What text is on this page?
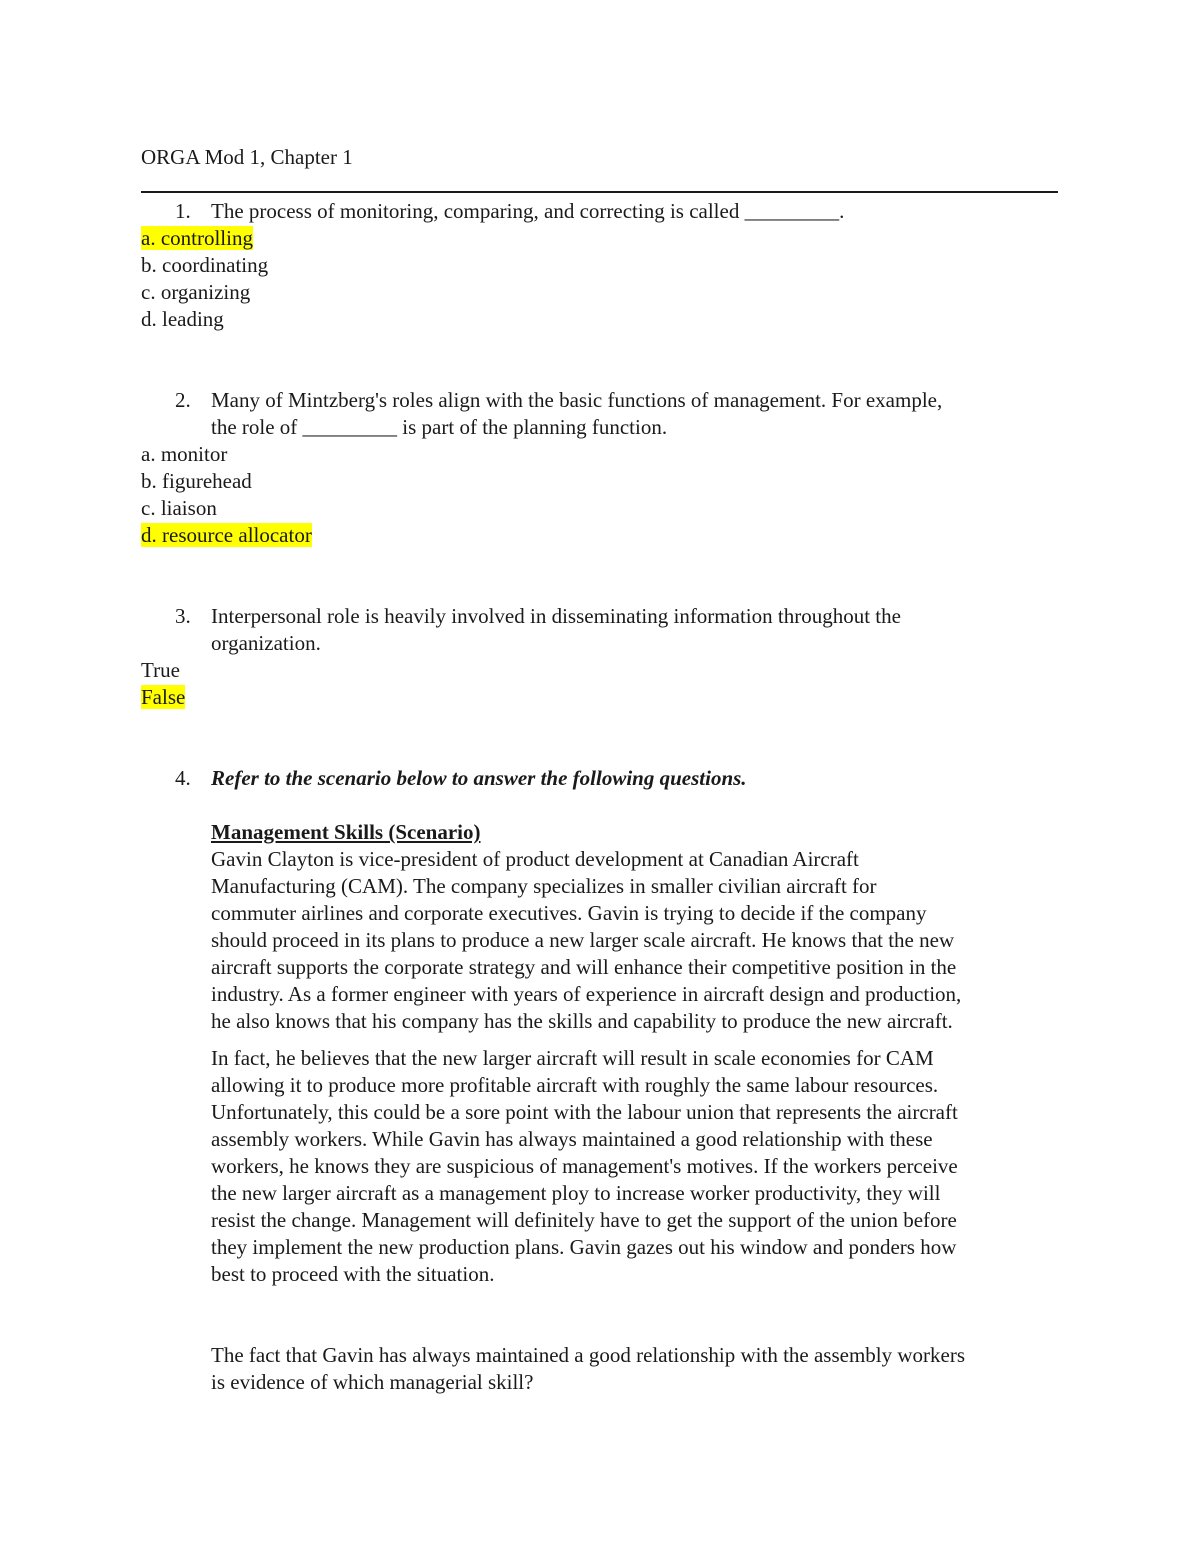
ORGA Mod 1, Chapter 1
1. The process of monitoring, comparing, and correcting is called _________.
a. controlling
b. coordinating
c. organizing
d. leading
2. Many of Mintzberg's roles align with the basic functions of management. For example,
the role of _________ is part of the planning function.
a. monitor
b. figurehead
c. liaison
d. resource allocator
3. Interpersonal role is heavily involved in disseminating information throughout the
organization.
True
False
4. Refer to the scenario below to answer the following questions.
Management Skills (Scenario)
Gavin Clayton is vice-president of product development at Canadian Aircraft
Manufacturing (CAM). The company specializes in smaller civilian aircraft for
commuter airlines and corporate executives. Gavin is trying to decide if the company
should proceed in its plans to produce a new larger scale aircraft. He knows that the new
aircraft supports the corporate strategy and will enhance their competitive position in the
industry. As a former engineer with years of experience in aircraft design and production,
he also knows that his company has the skills and capability to produce the new aircraft.
In fact, he believes that the new larger aircraft will result in scale economies for CAM
allowing it to produce more profitable aircraft with roughly the same labour resources.
Unfortunately, this could be a sore point with the labour union that represents the aircraft
assembly workers. While Gavin has always maintained a good relationship with these
workers, he knows they are suspicious of management's motives. If the workers perceive
the new larger aircraft as a management ploy to increase worker productivity, they will
resist the change. Management will definitely have to get the support of the union before
they implement the new production plans. Gavin gazes out his window and ponders how
best to proceed with the situation.
The fact that Gavin has always maintained a good relationship with the assembly workers
is evidence of which managerial skill?
